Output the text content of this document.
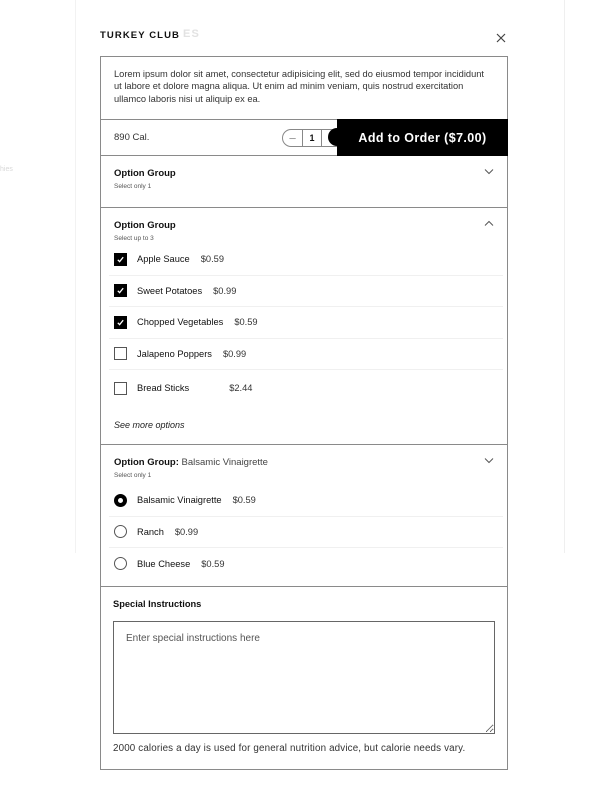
hies
ES
TURKEY CLUB
Lorem ipsum dolor sit amet, consectetur adipisicing elit, sed do eiusmod tempor incididunt ut labore et dolore magna aliqua. Ut enim ad minim veniam, quis nostrud exercitation ullamco laboris nisi ut aliquip ex ea.
890 Cal.	−	1	Add to Order ($7.00)
Option Group
Select only 1
Option Group
Select up to 3
Apple Sauce $0.59
Sweet Potatoes $0.99
Chopped Vegetables $0.59
Jalapeno Poppers $0.99
Bread Sticks	$2.44
See more options
Option Group: Balsamic Vinaigrette
Select only 1
Balsamic Vinaigrette $0.59
Ranch $0.99
Blue Cheese $0.59
Special Instructions
Enter special instructions here
2000 calories a day is used for general nutrition advice, but calorie needs vary.
